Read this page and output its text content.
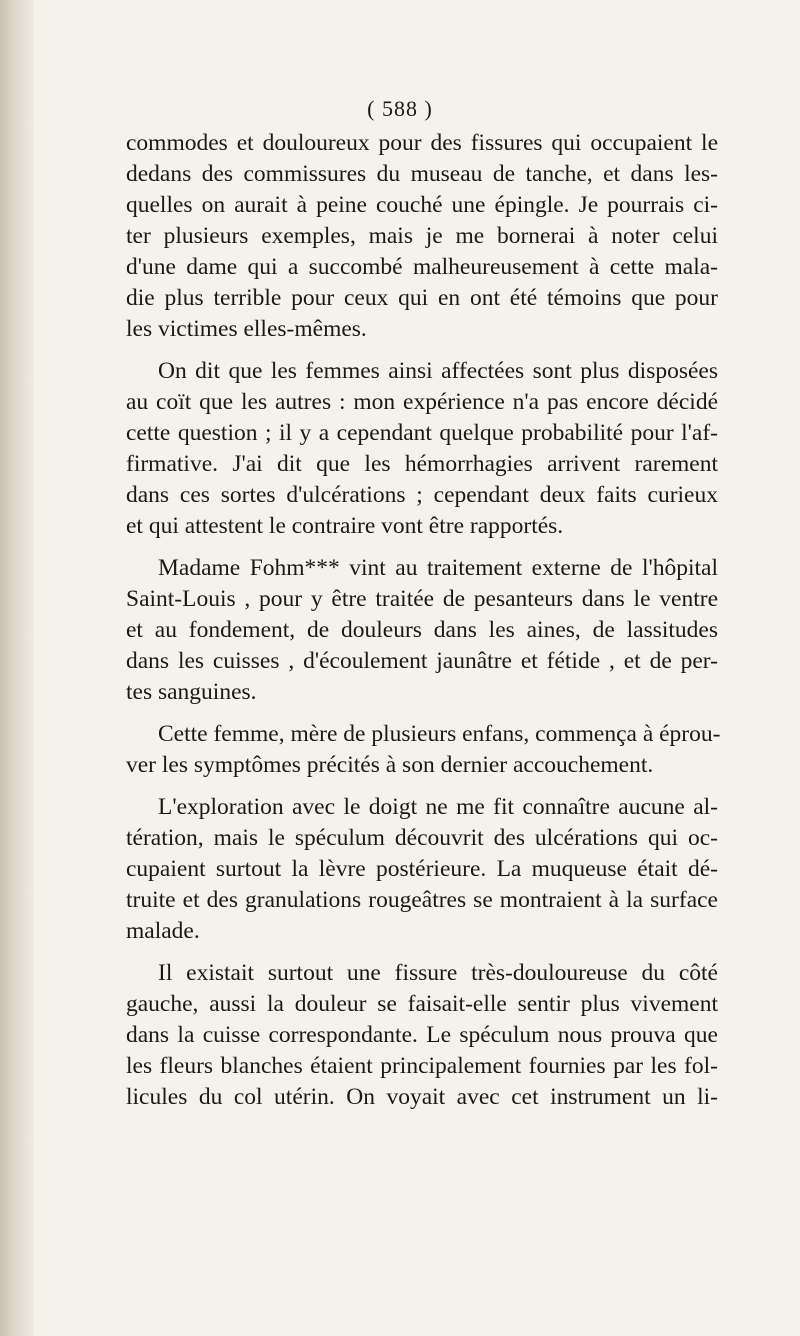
( 588 )
commodes et douloureux pour des fissures qui occupaient le
dedans des commissures du museau de tanche, et dans les-
quelles on aurait à peine couché une épingle. Je pourrais ci-
ter plusieurs exemples, mais je me bornerai à noter celui
d'une dame qui a succombé malheureusement à cette mala-
die plus terrible pour ceux qui en ont été témoins que pour
les victimes elles-mêmes.
On dit que les femmes ainsi affectées sont plus disposées
au coït que les autres : mon expérience n'a pas encore décidé
cette question ; il y a cependant quelque probabilité pour l'af-
firmative. J'ai dit que les hémorrhagies arrivent rarement
dans ces sortes d'ulcérations ; cependant deux faits curieux
et qui attestent le contraire vont être rapportés.
Madame Fohm*** vint au traitement externe de l'hôpital
Saint-Louis , pour y être traitée de pesanteurs dans le ventre
et au fondement, de douleurs dans les aines, de lassitudes
dans les cuisses , d'écoulement jaunâtre et fétide , et de per-
tes sanguines.
Cette femme, mère de plusieurs enfans, commença à éprou-
ver les symptômes précités à son dernier accouchement.
L'exploration avec le doigt ne me fit connaître aucune al-
tération, mais le spéculum découvrit des ulcérations qui oc-
cupaient surtout la lèvre postérieure. La muqueuse était dé-
truite et des granulations rougeâtres se montraient à la surface
malade.
Il existait surtout une fissure très-douloureuse du côté
gauche, aussi la douleur se faisait-elle sentir plus vivement
dans la cuisse correspondante. Le spéculum nous prouva que
les fleurs blanches étaient principalement fournies par les fol-
licules du col utérin. On voyait avec cet instrument un li-
